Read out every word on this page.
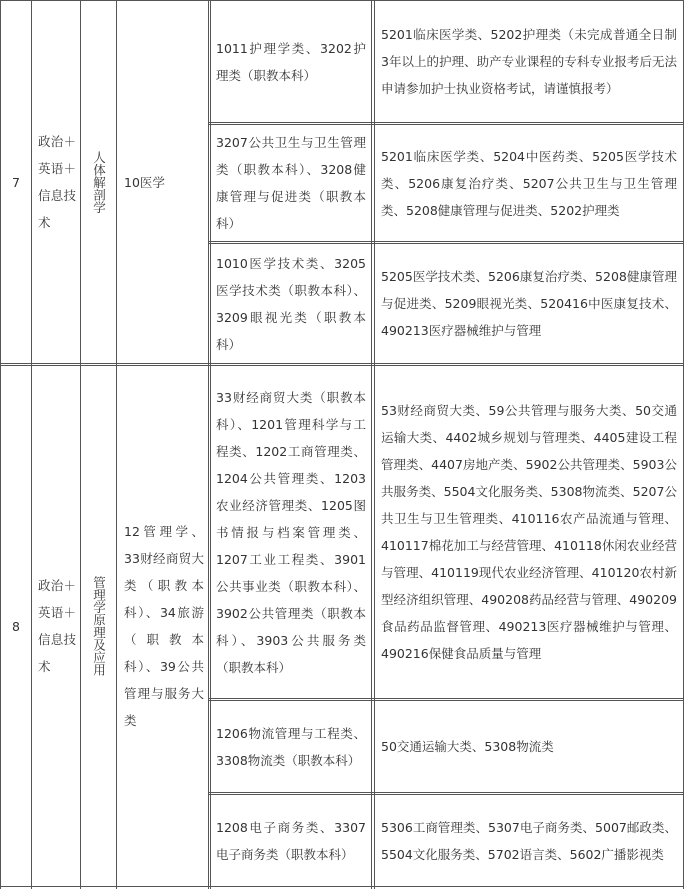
7
政治＋英语＋信息技术
人体解剖学	10医学
1011护理学类、3202护理类（职教本科）
5201临床医学类、5202护理类（未完成普通全日制3年以上的护理、助产专业课程的专科专业报考后无法申请参加护士执业资格考试，请谨慎报考）
3207公共卫生与卫生管理类（职教本科）、3208健康管理与促进类（职教本科）
5201临床医学类、5204中医药类、5205医学技术类、5206康复治疗类、5207公共卫生与卫生管理类、5208健康管理与促进类、5202护理类
1010医学技术类、3205医学技术类（职教本科）、3209眼视光类（职教本科）
5205医学技术类、5206康复治疗类、5208健康管理与促进类、5209眼视光类、520416中医康复技术、490213医疗器械维护与管理
8
政治＋英语＋信息技术	管理学原理及应用
12管理学、33财经商贸大类（职教本科）、34旅游（职教本科）、39公共管理与服务大类
33财经商贸大类（职教本科）、1201管理科学与工程类、1202工商管理类、1204公共管理类、1203农业经济管理类、1205图书情报与档案管理类、1207工业工程类、3901公共事业类（职教本科）、3902公共管理类（职教本科）、3903公共服务类（职教本科）
53财经商贸大类、59公共管理与服务大类、50交通运输大类、4402城乡规划与管理类、4405建设工程管理类、4407房地产类、5902公共管理类、5903公共服务类、5504文化服务类、5308物流类、5207公共卫生与卫生管理类、410116农产品流通与管理、410117棉花加工与经营管理、410118休闲农业经营与管理、410119现代农业经济管理、410120农村新型经济组织管理、490208药品经营与管理、490209食品药品监督管理、490213医疗器械维护与管理、490216保健食品质量与管理
1206物流管理与工程类、3308物流类（职教本科）
50交通运输大类、5308物流类
1208电子商务类、3307电子商务类（职教本科）
5306工商管理类、5307电子商务类、5007邮政类、5504文化服务类、5702语言类、5602广播影视类
